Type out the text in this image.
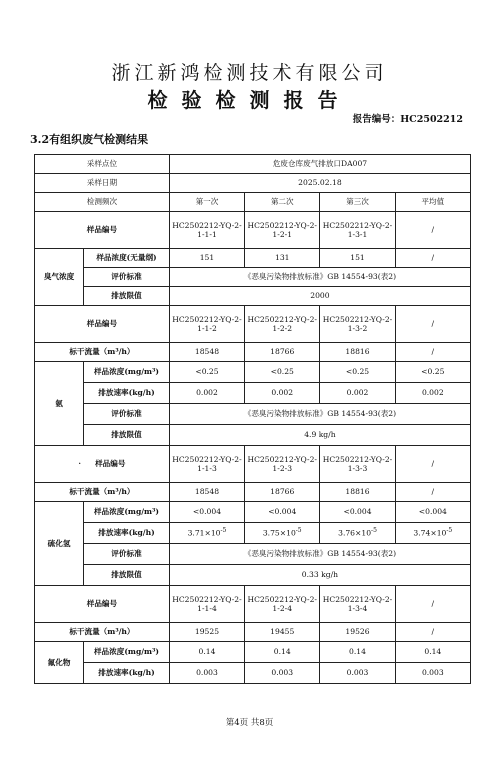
浙江新鸿检测技术有限公司
检验检测报告
报告编号：HC2502212
3.2有组织废气检测结果
采样点位		危废仓库废气排放口DA007			
采样日期		2025.02.18			
检测频次		第一次	第二次	第三次	平均值
样品编号		HC2502212-YQ-2-1-1-1	HC2502212-YQ-2-1-2-1	HC2502212-YQ-2-1-3-1	/
臭气浓度	样品浓度(无量纲)	151	131	151	/
	评价标准	《恶臭污染物排放标准》GB 14554-93(表2)			
	排放限值	2000			
样品编号		HC2502212-YQ-2-1-1-2	HC2502212-YQ-2-1-2-2	HC2502212-YQ-2-1-3-2	/
标干流量（m³/h）		18548	18766	18816	/
氨	样品浓度(mg/m³)	<0.25	<0.25	<0.25	<0.25
	排放速率(kg/h)	0.002	0.002	0.002	0.002
	评价标准	《恶臭污染物排放标准》GB 14554-93(表2)			
	排放限值	4.9 kg/h			
· 样品编号		HC2502212-YQ-2-1-1-3	HC2502212-YQ-2-1-2-3	HC2502212-YQ-2-1-3-3	/
标干流量（m³/h）		18548	18766	18816	/
硫化氢	样品浓度(mg/m³)	<0.004	<0.004	<0.004	<0.004
	排放速率(kg/h)	$3.71\times 10^{-5}$	$3.75\times 10^{-5}$	$3.76\times 10^{-5}$	$3.74\times 10^{-5}$
	评价标准	《恶臭污染物排放标准》GB 14554-93(表2)			
	排放限值	0.33 kg/h			
样品编号		HC2502212-YQ-2-1-1-4	HC2502212-YQ-2-1-2-4	HC2502212-YQ-2-1-3-4	/
标干流量（m³/h）		19525	19455	19526	/
氟化物	样品浓度(mg/m³)	0.14	0.14	0.14	0.14
	排放速率(kg/h)	0.003	0.003	0.003	0.003
第4页 共8页
